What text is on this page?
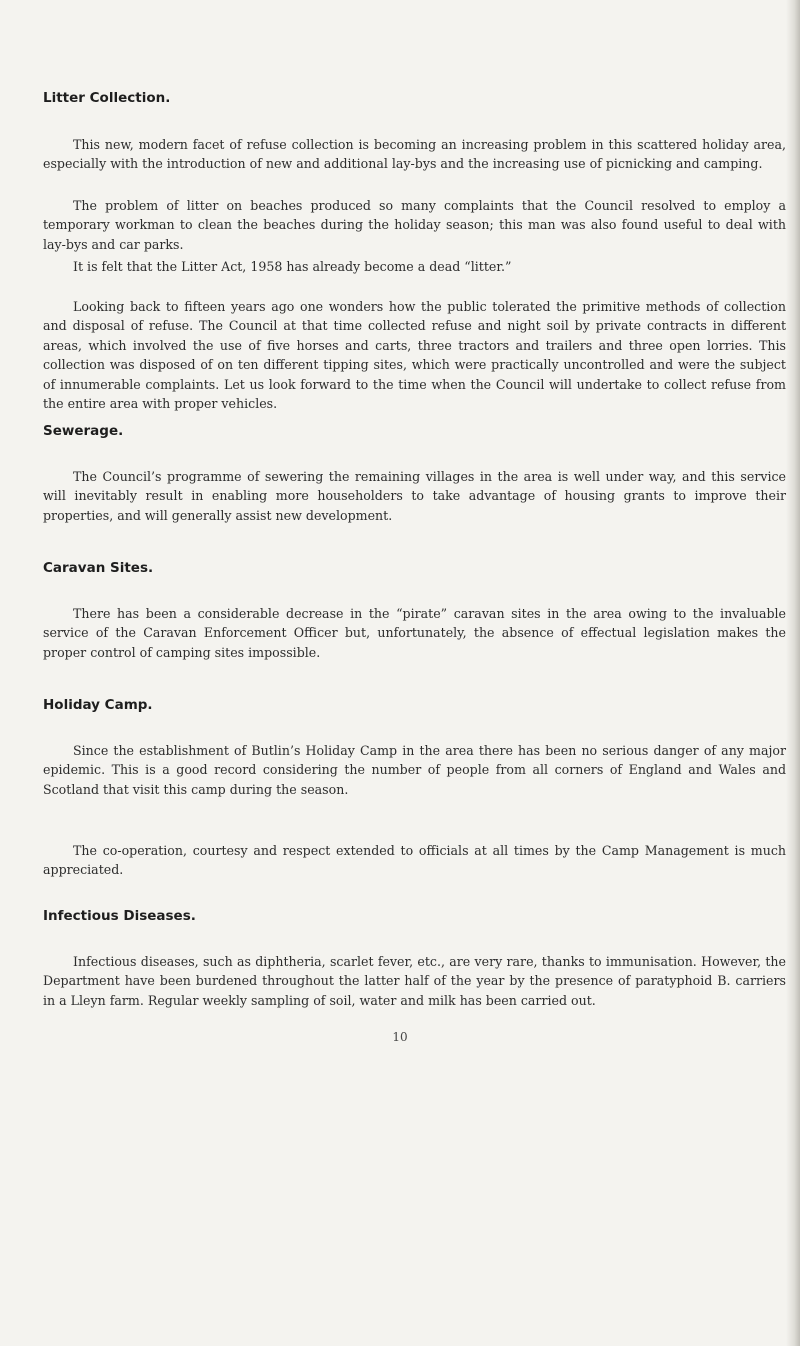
Litter Collection.

This new, modern facet of refuse collection is becoming an increasing problem in this scattered holiday area, especially with the introduction of new and additional lay-bys and the increasing use of picnicking and camping.

The problem of litter on beaches produced so many complaints that the Council resolved to employ a temporary workman to clean the beaches during the holiday season; this man was also found useful to deal with lay-bys and car parks.

It is felt that the Litter Act, 1958 has already become a dead “litter.”

Looking back to fifteen years ago one wonders how the public tolerated the primitive methods of collection and disposal of refuse. The Council at that time collected refuse and night soil by private contracts in different areas, which involved the use of five horses and carts, three tractors and trailers and three open lorries. This collection was disposed of on ten different tipping sites, which were practically uncontrolled and were the subject of innumerable complaints. Let us look forward to the time when the Council will undertake to collect refuse from the entire area with proper vehicles.

Sewerage.

The Council’s programme of sewering the remaining villages in the area is well under way, and this service will inevitably result in enabling more householders to take advantage of housing grants to improve their properties, and will generally assist new development.

Caravan Sites.

There has been a considerable decrease in the “pirate” caravan sites in the area owing to the invaluable service of the Caravan Enforcement Officer but, unfortunately, the absence of effectual legislation makes the proper control of camping sites impossible.

Holiday Camp.

Since the establishment of Butlin’s Holiday Camp in the area there has been no serious danger of any major epidemic. This is a good record considering the number of people from all corners of England and Wales and Scotland that visit this camp during the season.

The co-operation, courtesy and respect extended to officials at all times by the Camp Management is much appreciated.

Infectious Diseases.

Infectious diseases, such as diphtheria, scarlet fever, etc., are very rare, thanks to immunisation. However, the Department have been burdened throughout the latter half of the year by the presence of paratyphoid B. carriers in a Lleyn farm. Regular weekly sampling of soil, water and milk has been carried out.

10
